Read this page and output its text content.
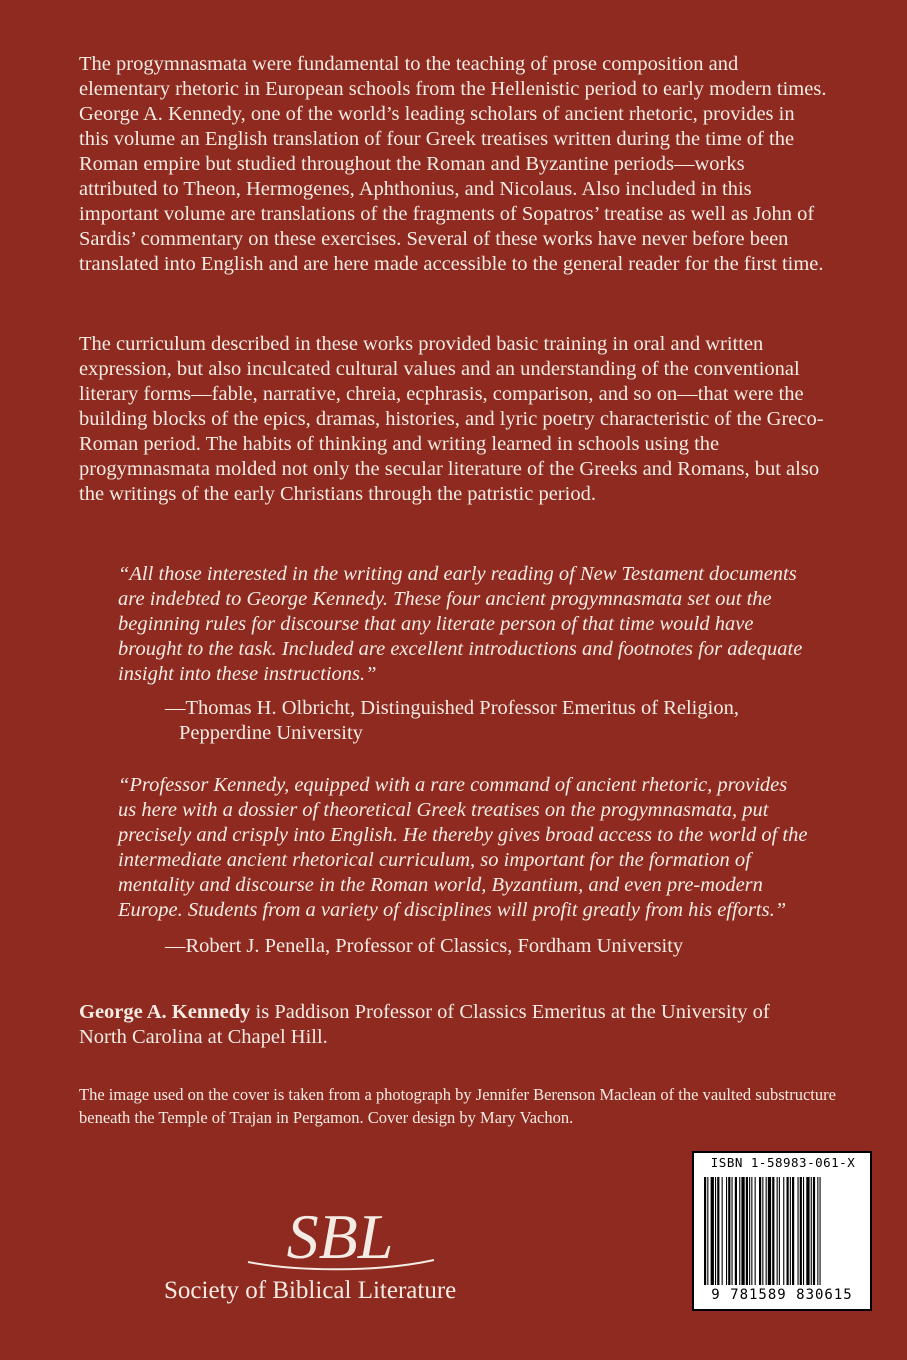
The progymnasmata were fundamental to the teaching of prose composition and elementary rhetoric in European schools from the Hellenistic period to early modern times. George A. Kennedy, one of the world’s leading scholars of ancient rhetoric, provides in this volume an English translation of four Greek treatises written during the time of the Roman empire but studied throughout the Roman and Byzantine periods—works attributed to Theon, Hermogenes, Aphthonius, and Nicolaus. Also included in this important volume are translations of the fragments of Sopatros’ treatise as well as John of Sardis’ commentary on these exercises. Several of these works have never before been translated into English and are here made accessible to the general reader for the first time.

The curriculum described in these works provided basic training in oral and written expression, but also inculcated cultural values and an understanding of the conventional literary forms—fable, narrative, chreia, ecphrasis, comparison, and so on—that were the building blocks of the epics, dramas, histories, and lyric poetry characteristic of the Greco-Roman period. The habits of thinking and writing learned in schools using the progymnasmata molded not only the secular literature of the Greeks and Romans, but also the writings of the early Christians through the patristic period.

“All those interested in the writing and early reading of New Testament documents are indebted to George Kennedy. These four ancient progymnasmata set out the beginning rules for discourse that any literate person of that time would have brought to the task. Included are excellent introductions and footnotes for adequate insight into these instructions.”

—Thomas H. Olbricht, Distinguished Professor Emeritus of Religion, Pepperdine University

“Professor Kennedy, equipped with a rare command of ancient rhetoric, provides us here with a dossier of theoretical Greek treatises on the progymnasmata, put precisely and crisply into English. He thereby gives broad access to the world of the intermediate ancient rhetorical curriculum, so important for the formation of mentality and discourse in the Roman world, Byzantium, and even pre-modern Europe. Students from a variety of disciplines will profit greatly from his efforts.”

—Robert J. Penella, Professor of Classics, Fordham University

George A. Kennedy is Paddison Professor of Classics Emeritus at the University of North Carolina at Chapel Hill.

The image used on the cover is taken from a photograph by Jennifer Berenson Maclean of the vaulted substructure beneath the Temple of Trajan in Pergamon. Cover design by Mary Vachon.

SBL
Society of Biblical Literature
ISBN 1-58983-061-X
9 781589 830615
